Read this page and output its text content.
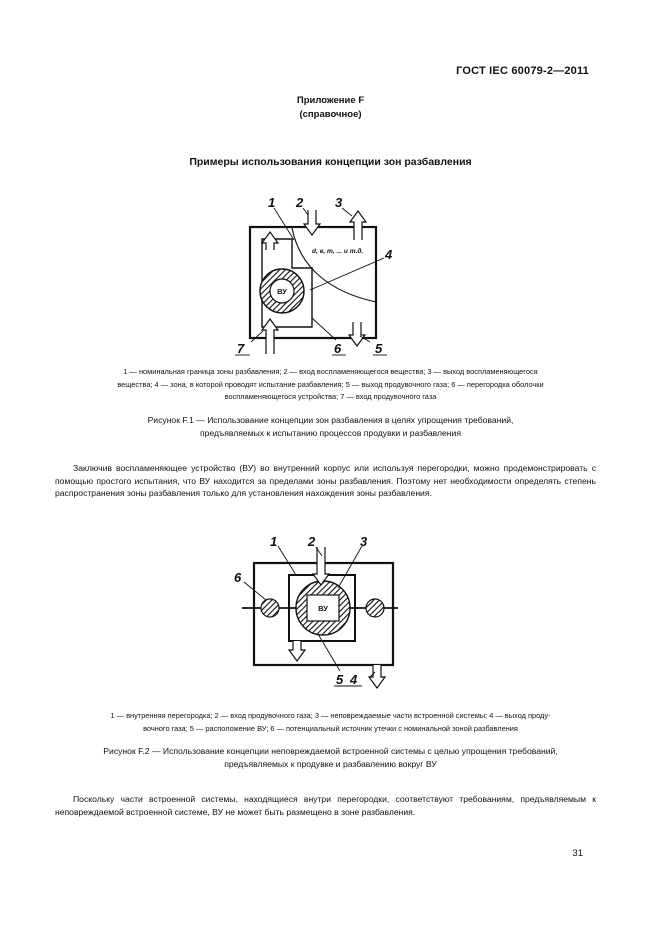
ГОСТ IEC 60079-2—2011
Приложение F
(справочное)
Примеры использования концепции зон разбавления
ВУ
d, e, m, ... и т.д.
1 2 3
4
5
6
7
ВУ
1 2	3
6
5 4
1 — номинальная граница зоны разбавления; 2 — вход воспламеняющегося вещества; 3 — выход воспламеняющегося
вещества; 4 — зона, в которой проводят испытание разбавления; 5 — выход продувочного газа; 6 — перегородка оболочки
воспламеняющегося устройства; 7 — вход продувочного газа
Рисунок F.1 — Использование концепции зон разбавления в целях упрощения требований,
предъявляемых к испытанию процессов продувки и разбавления
Заключив воспламеняющее устройство (ВУ) во внутренний корпус или используя перегородки, можно продемонстрировать с помощью простого испытания, что ВУ находится за пределами зоны разбавления. Поэтому нет необходимости определять степень распространения зоны разбавления только для установления нахождения зоны разбавления.
1 — внутренняя перегородка; 2 — вход продувочного газа; 3 — неповреждаемые части встроенной системы; 4 — выход проду-
вочного газа; 5 — расположение ВУ; 6 — потенциальный источник утечки с номинальной зоной разбавления
Рисунок F.2 — Использование концепции неповреждаемой встроенной системы с целью упрощения требований,
предъявляемых к продувке и разбавлению вокруг ВУ
Поскольку части встроенной системы, находящиеся внутри перегородки, соответствуют требованиям, предъявляемым к неповреждаемой встроенной системе, ВУ не может быть размещено в зоне разбавления.
31
